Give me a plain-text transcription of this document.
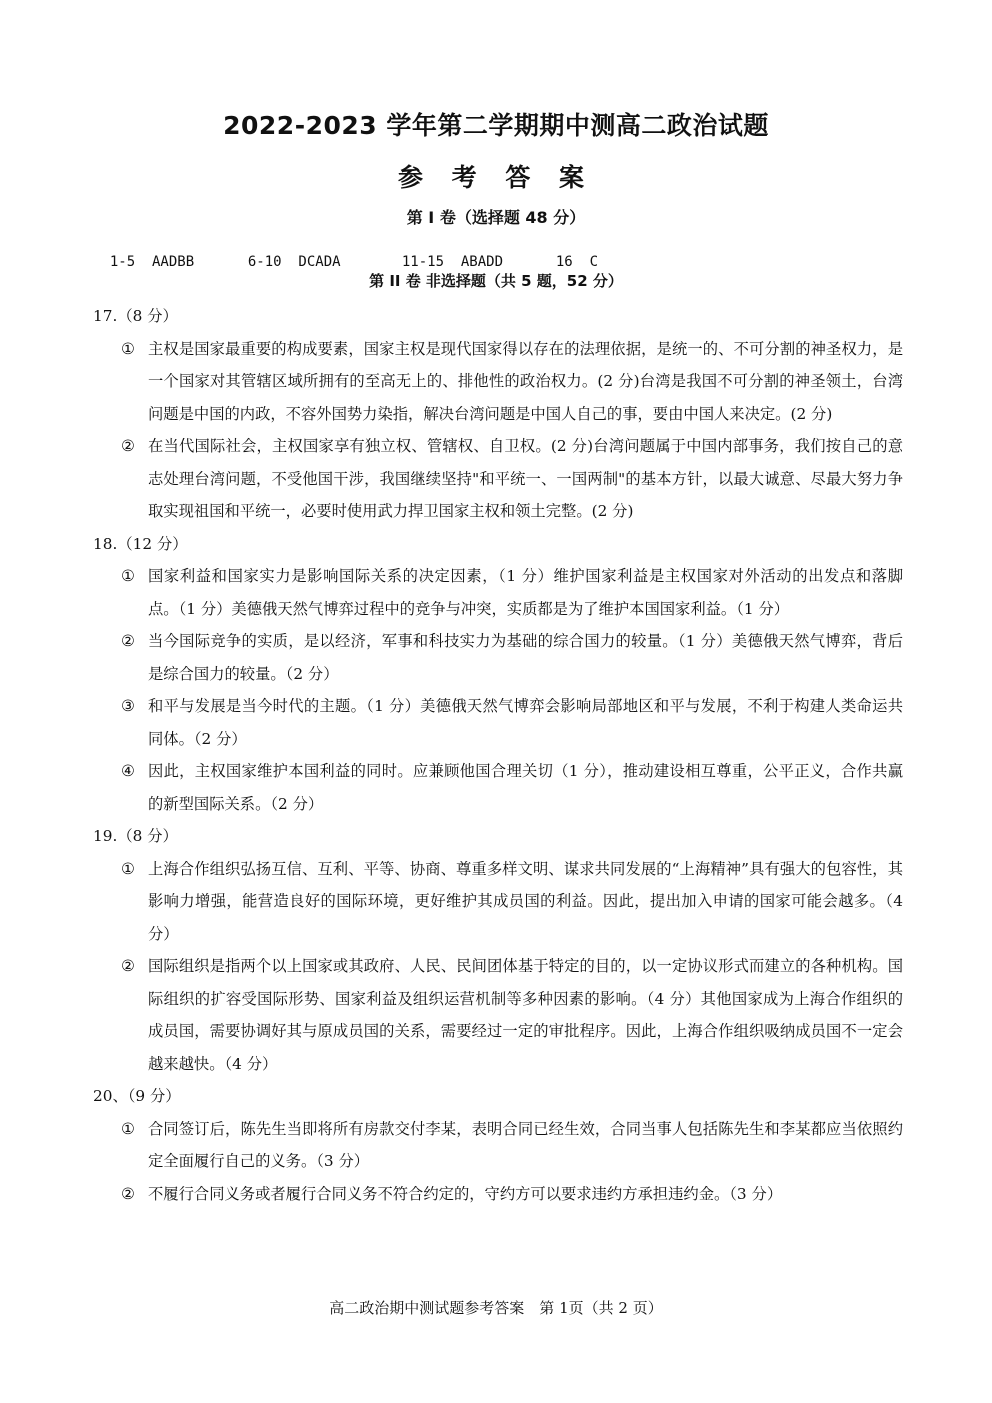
2022-2023 学年第二学期期中测高二政治试题
参 考 答 案
第 I 卷（选择题 48 分）

1-5  AADBB	6-10  DCADA	11-15  ABADD	16  C

第 II 卷 非选择题（共 5 题，52 分）
17.（8 分）
① 主权是国家最重要的构成要素，国家主权是现代国家得以存在的法理依据，是统一的、不可分割的神圣权力，是一个国家对其管辖区域所拥有的至高无上的、排他性的政治权力。(2 分)台湾是我国不可分割的神圣领土，台湾问题是中国的内政，不容外国势力染指，解决台湾问题是中国人自己的事，要由中国人来决定。(2 分)
② 在当代国际社会，主权国家享有独立权、管辖权、自卫权。(2 分)台湾问题属于中国内部事务，我们按自己的意志处理台湾问题，不受他国干涉，我国继续坚持"和平统一、一国两制"的基本方针，以最大诚意、尽最大努力争取实现祖国和平统一，必要时使用武力捍卫国家主权和领土完整。(2 分)
18.（12 分）
① 国家利益和国家实力是影响国际关系的决定因素，（1 分）维护国家利益是主权国家对外活动的出发点和落脚点。（1 分）美德俄天然气博弈过程中的竞争与冲突，实质都是为了维护本国国家利益。（1 分）
② 当今国际竞争的实质，是以经济，军事和科技实力为基础的综合国力的较量。（1 分）美德俄天然气博弈，背后是综合国力的较量。（2 分）
③ 和平与发展是当今时代的主题。（1 分）美德俄天然气博弈会影响局部地区和平与发展，不利于构建人类命运共同体。（2 分）
④ 因此，主权国家维护本国利益的同时。应兼顾他国合理关切（1 分），推动建设相互尊重，公平正义，合作共赢的新型国际关系。（2 分）
19.（8 分）
① 上海合作组织弘扬互信、互利、平等、协商、尊重多样文明、谋求共同发展的“上海精神”具有强大的包容性，其影响力增强，能营造良好的国际环境，更好维护其成员国的利益。因此，提出加入申请的国家可能会越多。（4 分）
② 国际组织是指两个以上国家或其政府、人民、民间团体基于特定的目的，以一定协议形式而建立的各种机构。国际组织的扩容受国际形势、国家利益及组织运营机制等多种因素的影响。（4 分）其他国家成为上海合作组织的成员国，需要协调好其与原成员国的关系，需要经过一定的审批程序。因此，上海合作组织吸纳成员国不一定会越来越快。（4 分）
20、（9 分）
① 合同签订后，陈先生当即将所有房款交付李某，表明合同已经生效，合同当事人包括陈先生和李某都应当依照约定全面履行自己的义务。（3 分）
② 不履行合同义务或者履行合同义务不符合约定的，守约方可以要求违约方承担违约金。（3 分）
高二政治期中测试题参考答案　第 1页（共 2 页）
